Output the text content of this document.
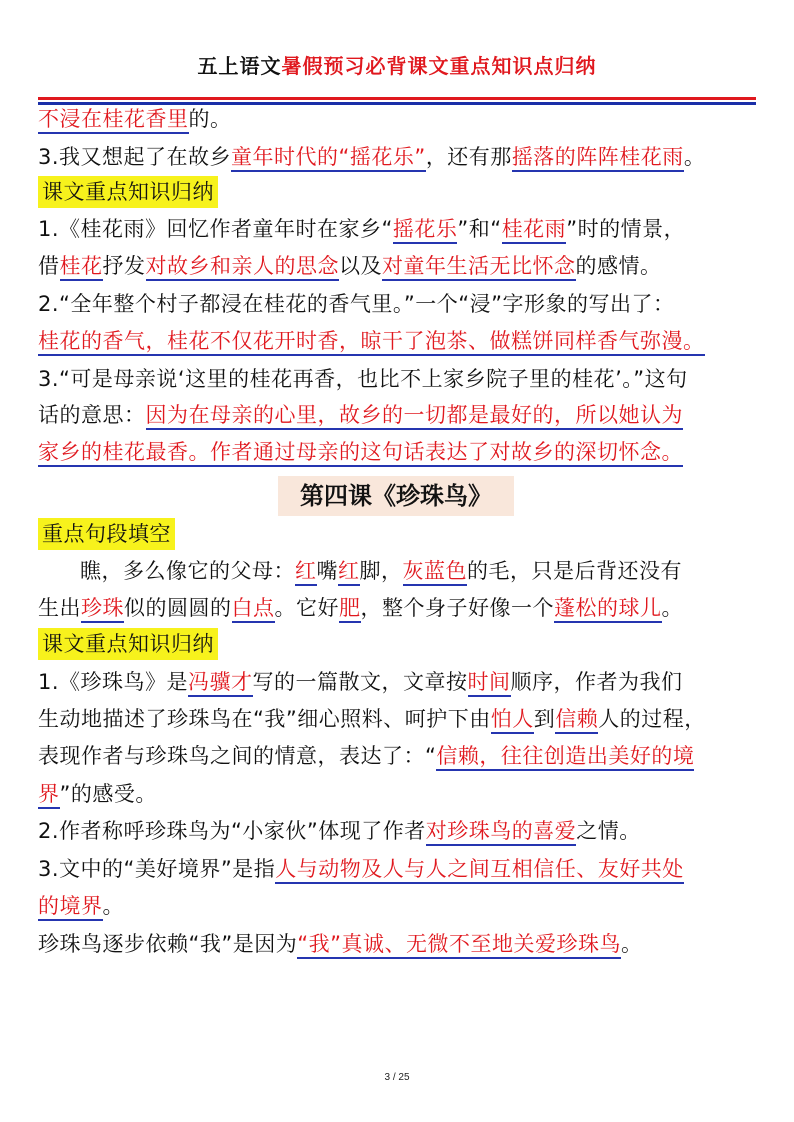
五上语文暑假预习必背课文重点知识点归纳
不浸在桂花香里的。
3.我又想起了在故乡童年时代的“摇花乐”，还有那摇落的阵阵桂花雨。
课文重点知识归纳
1.《桂花雨》回忆作者童年时在家乡“摇花乐”和“桂花雨”时的情景，
借桂花抒发对故乡和亲人的思念以及对童年生活无比怀念的感情。
2.“全年整个村子都浸在桂花的香气里。”一个“浸”字形象的写出了：
桂花的香气，桂花不仅花开时香，晾干了泡茶、做糕饼同样香气弥漫。
3.“可是母亲说‘这里的桂花再香，也比不上家乡院子里的桂花’。”这句
话的意思：因为在母亲的心里，故乡的一切都是最好的，所以她认为
家乡的桂花最香。作者通过母亲的这句话表达了对故乡的深切怀念。
第四课《珍珠鸟》
重点句段填空
瞧，多么像它的父母：红嘴红脚，灰蓝色的毛，只是后背还没有
生出珍珠似的圆圆的白点。它好肥，整个身子好像一个蓬松的球儿。
课文重点知识归纳
1.《珍珠鸟》是冯骥才写的一篇散文，文章按时间顺序，作者为我们
生动地描述了珍珠鸟在“我”细心照料、呵护下由怕人到信赖人的过程，
表现作者与珍珠鸟之间的情意，表达了：“信赖，往往创造出美好的境
界”的感受。
2.作者称呼珍珠鸟为“小家伙”体现了作者对珍珠鸟的喜爱之情。
3.文中的“美好境界”是指人与动物及人与人之间互相信任、友好共处
的境界。
珍珠鸟逐步依赖“我”是因为“我”真诚、无微不至地关爱珍珠鸟。
3 / 25
